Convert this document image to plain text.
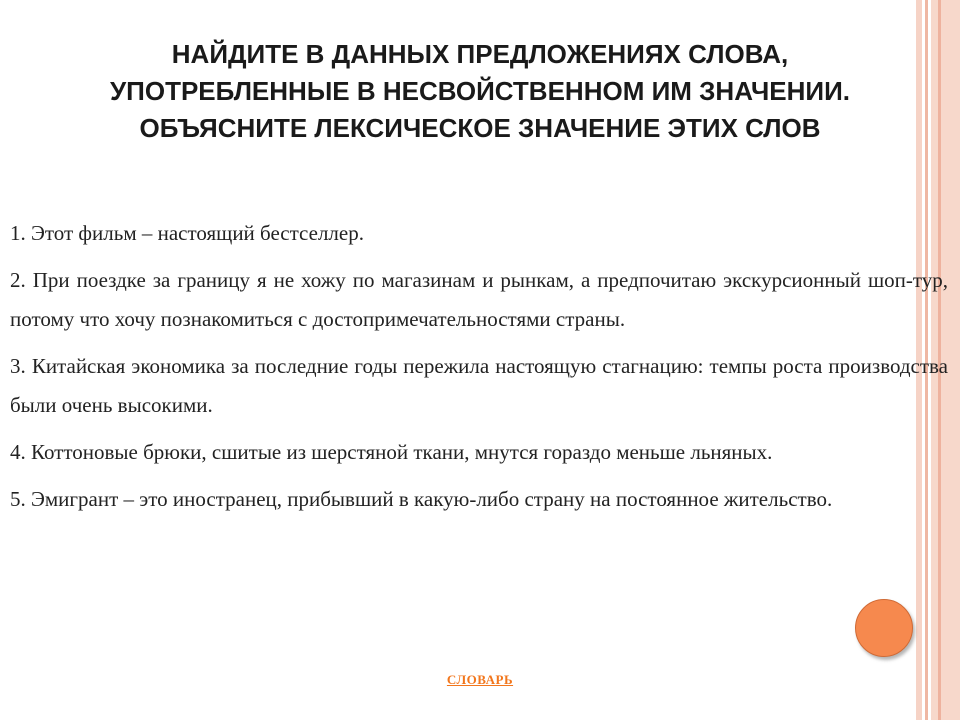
НАЙДИТЕ В ДАННЫХ ПРЕДЛОЖЕНИЯХ СЛОВА,
УПОТРЕБЛЕННЫЕ В НЕСВОЙСТВЕННОМ ИМ ЗНАЧЕНИИ.
ОБЪЯСНИТЕ ЛЕКСИЧЕСКОЕ ЗНАЧЕНИЕ ЭТИХ СЛОВ

1. Этот фильм – настоящий бестселлер.

2. При поездке за границу я не хожу по магазинам и рынкам, а предпочитаю экскурсионный шоп-тур, потому что хочу познакомиться с достопримечательностями страны.

3. Китайская экономика за последние годы пережила настоящую стагнацию: темпы роста производства были очень высокими.

4. Коттоновые брюки, сшитые из шерстяной ткани, мнутся гораздо меньше льняных.

5. Эмигрант – это иностранец, прибывший в какую-либо страну на постоянное жительство.

СЛОВАРЬ
